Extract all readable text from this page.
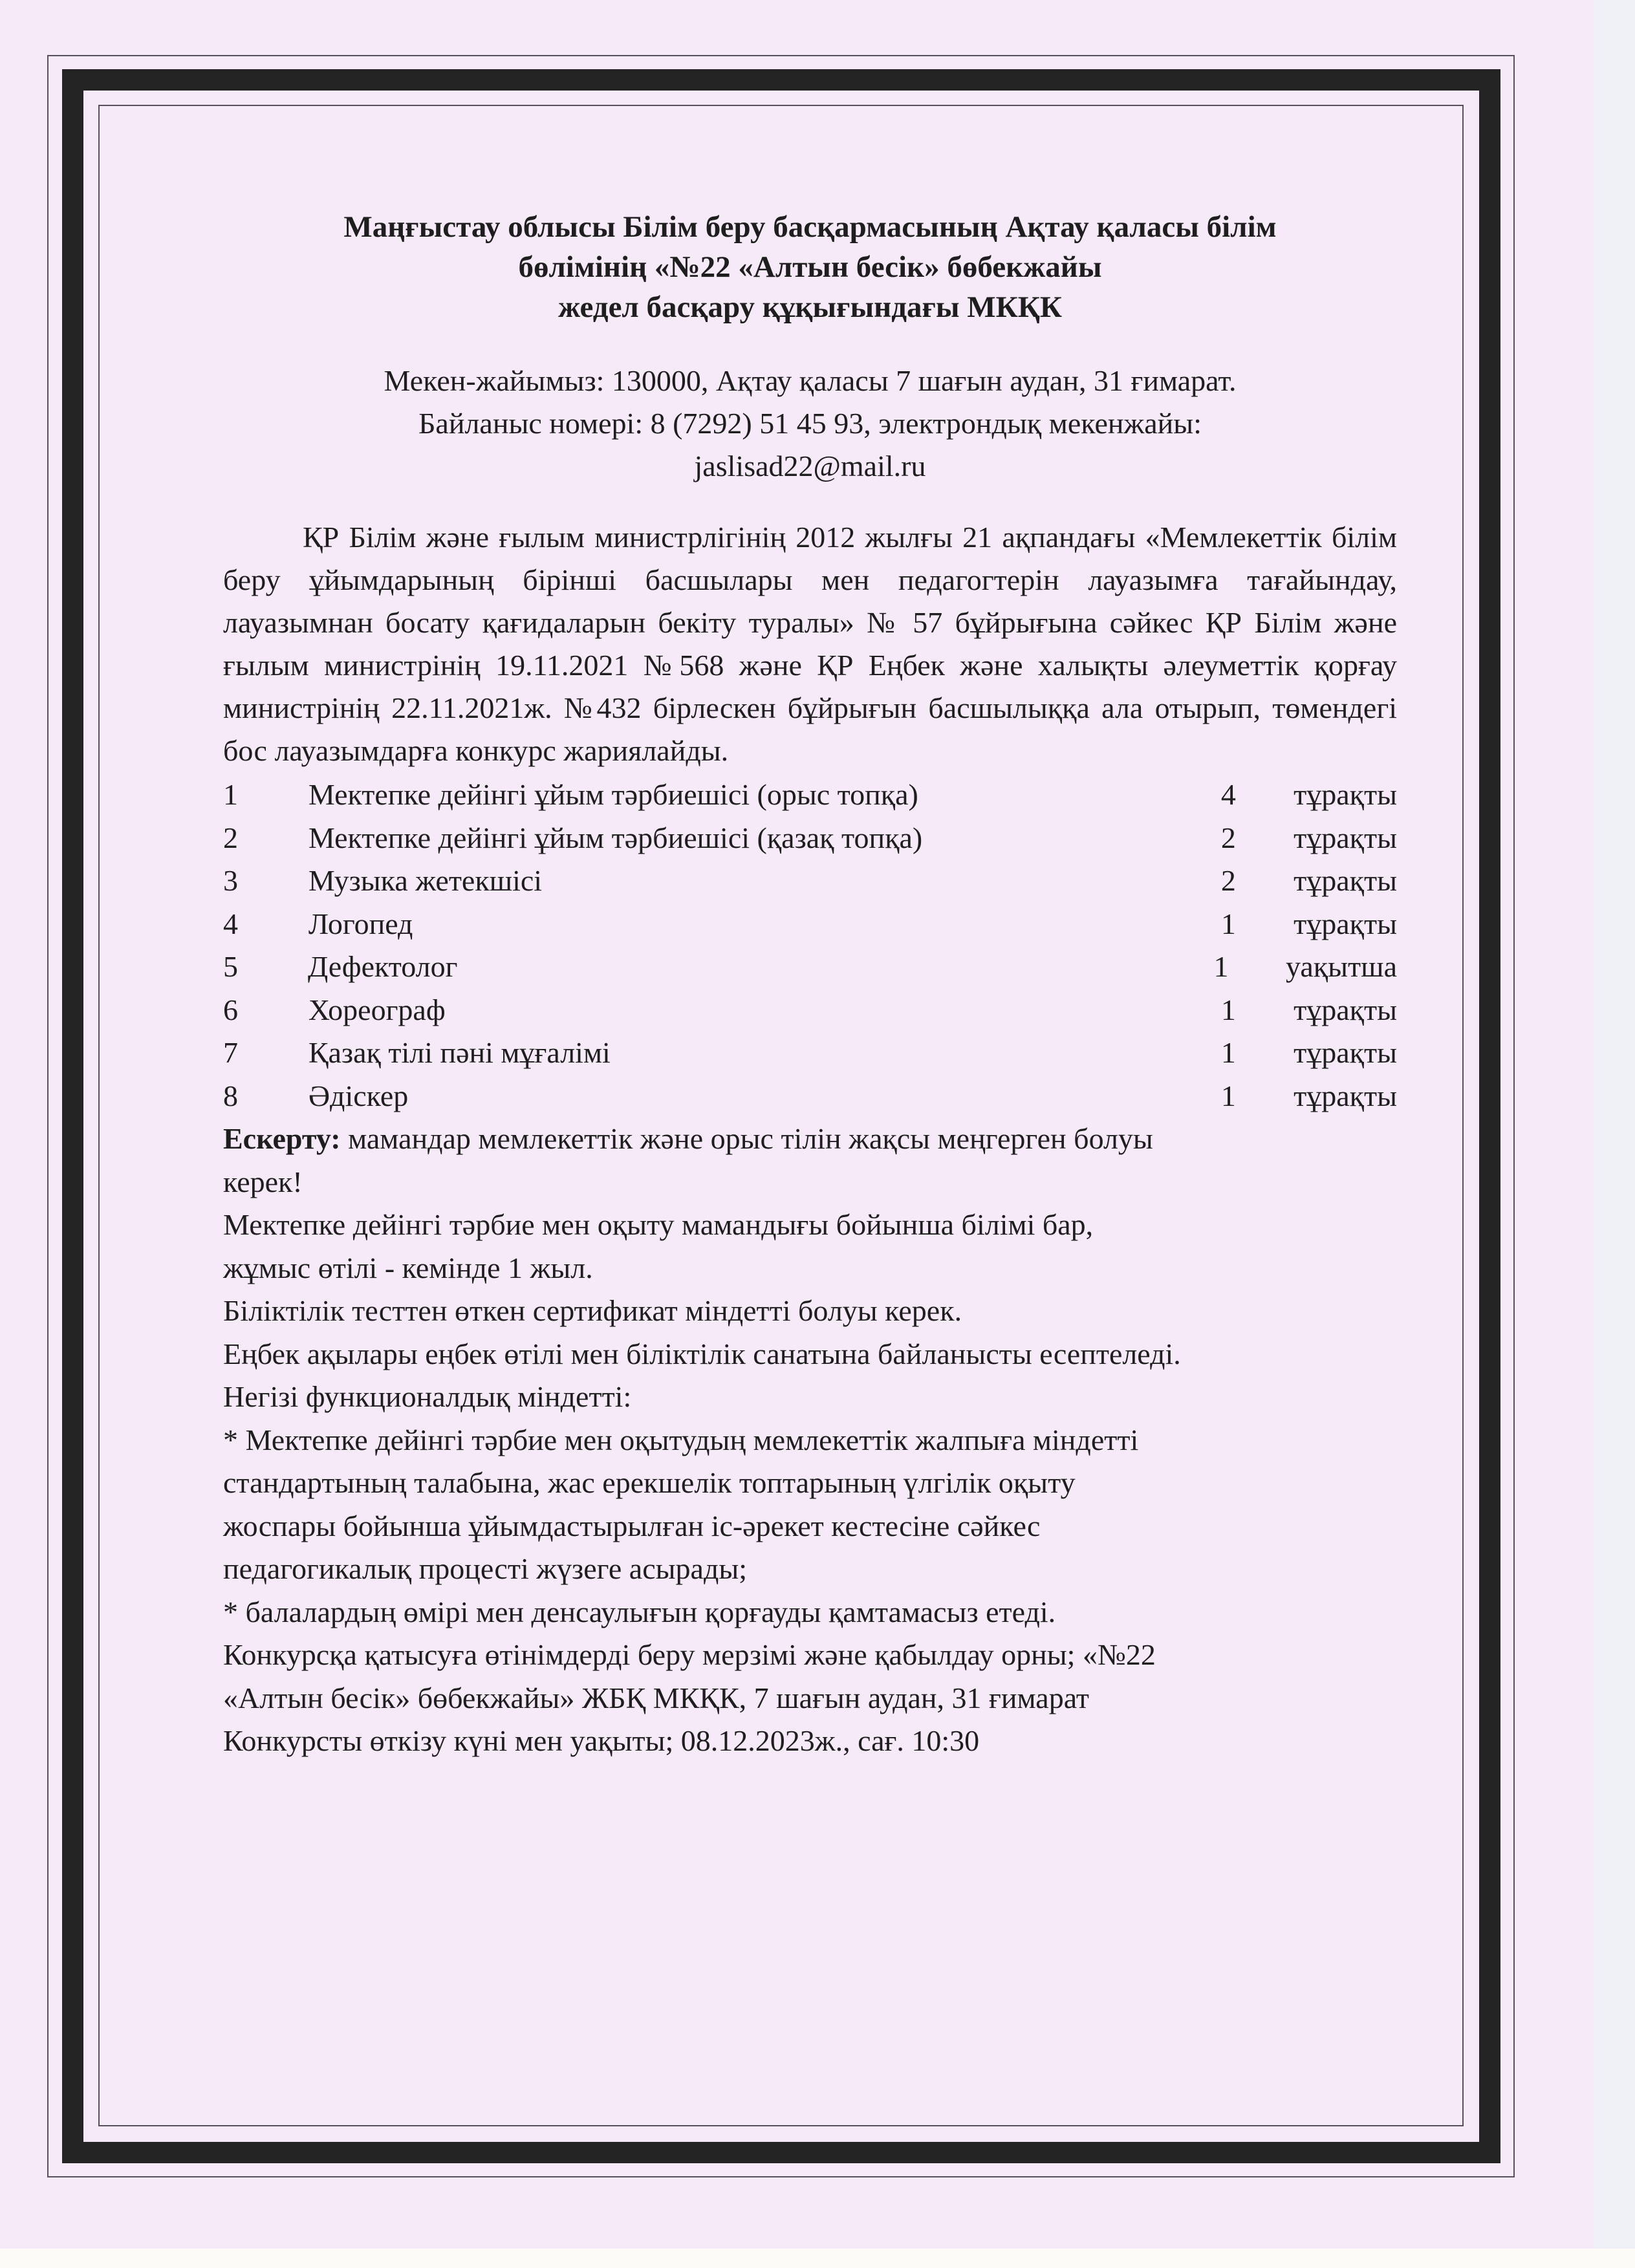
Маңғыстау облысы Білім беру басқармасының Ақтау қаласы білім
бөлімінің «№22 «Алтын бесік» бөбекжайы
жедел басқару құқығындағы МКҚК
Мекен-жайымыз: 130000, Ақтау қаласы 7 шағын аудан, 31 ғимарат.
Байланыс номері: 8 (7292) 51 45 93, электрондық мекенжайы:
jaslisad22@mail.ru
ҚР Білім және ғылым министрлігінің 2012 жылғы 21 ақпандағы «Мемлекеттік білім беру ұйымдарының бірінші басшылары мен педагогтерін лауазымға тағайындау, лауазымнан босату қағидаларын бекіту туралы» № 57 бұйрығына сәйкес ҚР Білім және ғылым министрінің 19.11.2021 №568 және ҚР Еңбек және халықты әлеуметтік қорғау министрінің 22.11.2021ж. №432 бірлескен бұйрығын басшылыққа ала отырып, төмендегі бос лауазымдарға конкурс жариялайды.
1	Мектепке дейінгі ұйым тәрбиешісі (орыс топқа)	4	тұрақты
2	Мектепке дейінгі ұйым тәрбиешісі (қазақ топқа)	2	тұрақты
3	Музыка жетекшісі	2	тұрақты
4	Логопед	1	тұрақты
5	Дефектолог	1	уақытша
6	Хореограф	1	тұрақты
7	Қазақ тілі пәні мұғалімі	1	тұрақты
8	Әдіскер	1	тұрақты
Ескерту: мамандар мемлекеттік және орыс тілін жақсы меңгерген болуы
керек!
Мектепке дейінгі тәрбие мен оқыту мамандығы бойынша білімі бар,
жұмыс өтілі - кемінде 1 жыл.
Біліктілік тесттен өткен сертификат міндетті болуы керек.
Еңбек ақылары еңбек өтілі мен біліктілік санатына байланысты есептеледі.
Негізі функционалдық міндетті:
* Мектепке дейінгі тәрбие мен оқытудың мемлекеттік жалпыға міндетті
стандартының талабына, жас ерекшелік топтарының үлгілік оқыту
жоспары бойынша ұйымдастырылған іс-әрекет кестесіне сәйкес
педагогикалық процесті жүзеге асырады;
* балалардың өмірі мен денсаулығын қорғауды қамтамасыз етеді.
Конкурсқа қатысуға өтінімдерді беру мерзімі және қабылдау орны; «№22
«Алтын бесік» бөбекжайы» ЖБҚ МКҚК, 7 шағын аудан, 31 ғимарат
Конкурсты өткізу күні мен уақыты; 08.12.2023ж., сағ. 10:30
